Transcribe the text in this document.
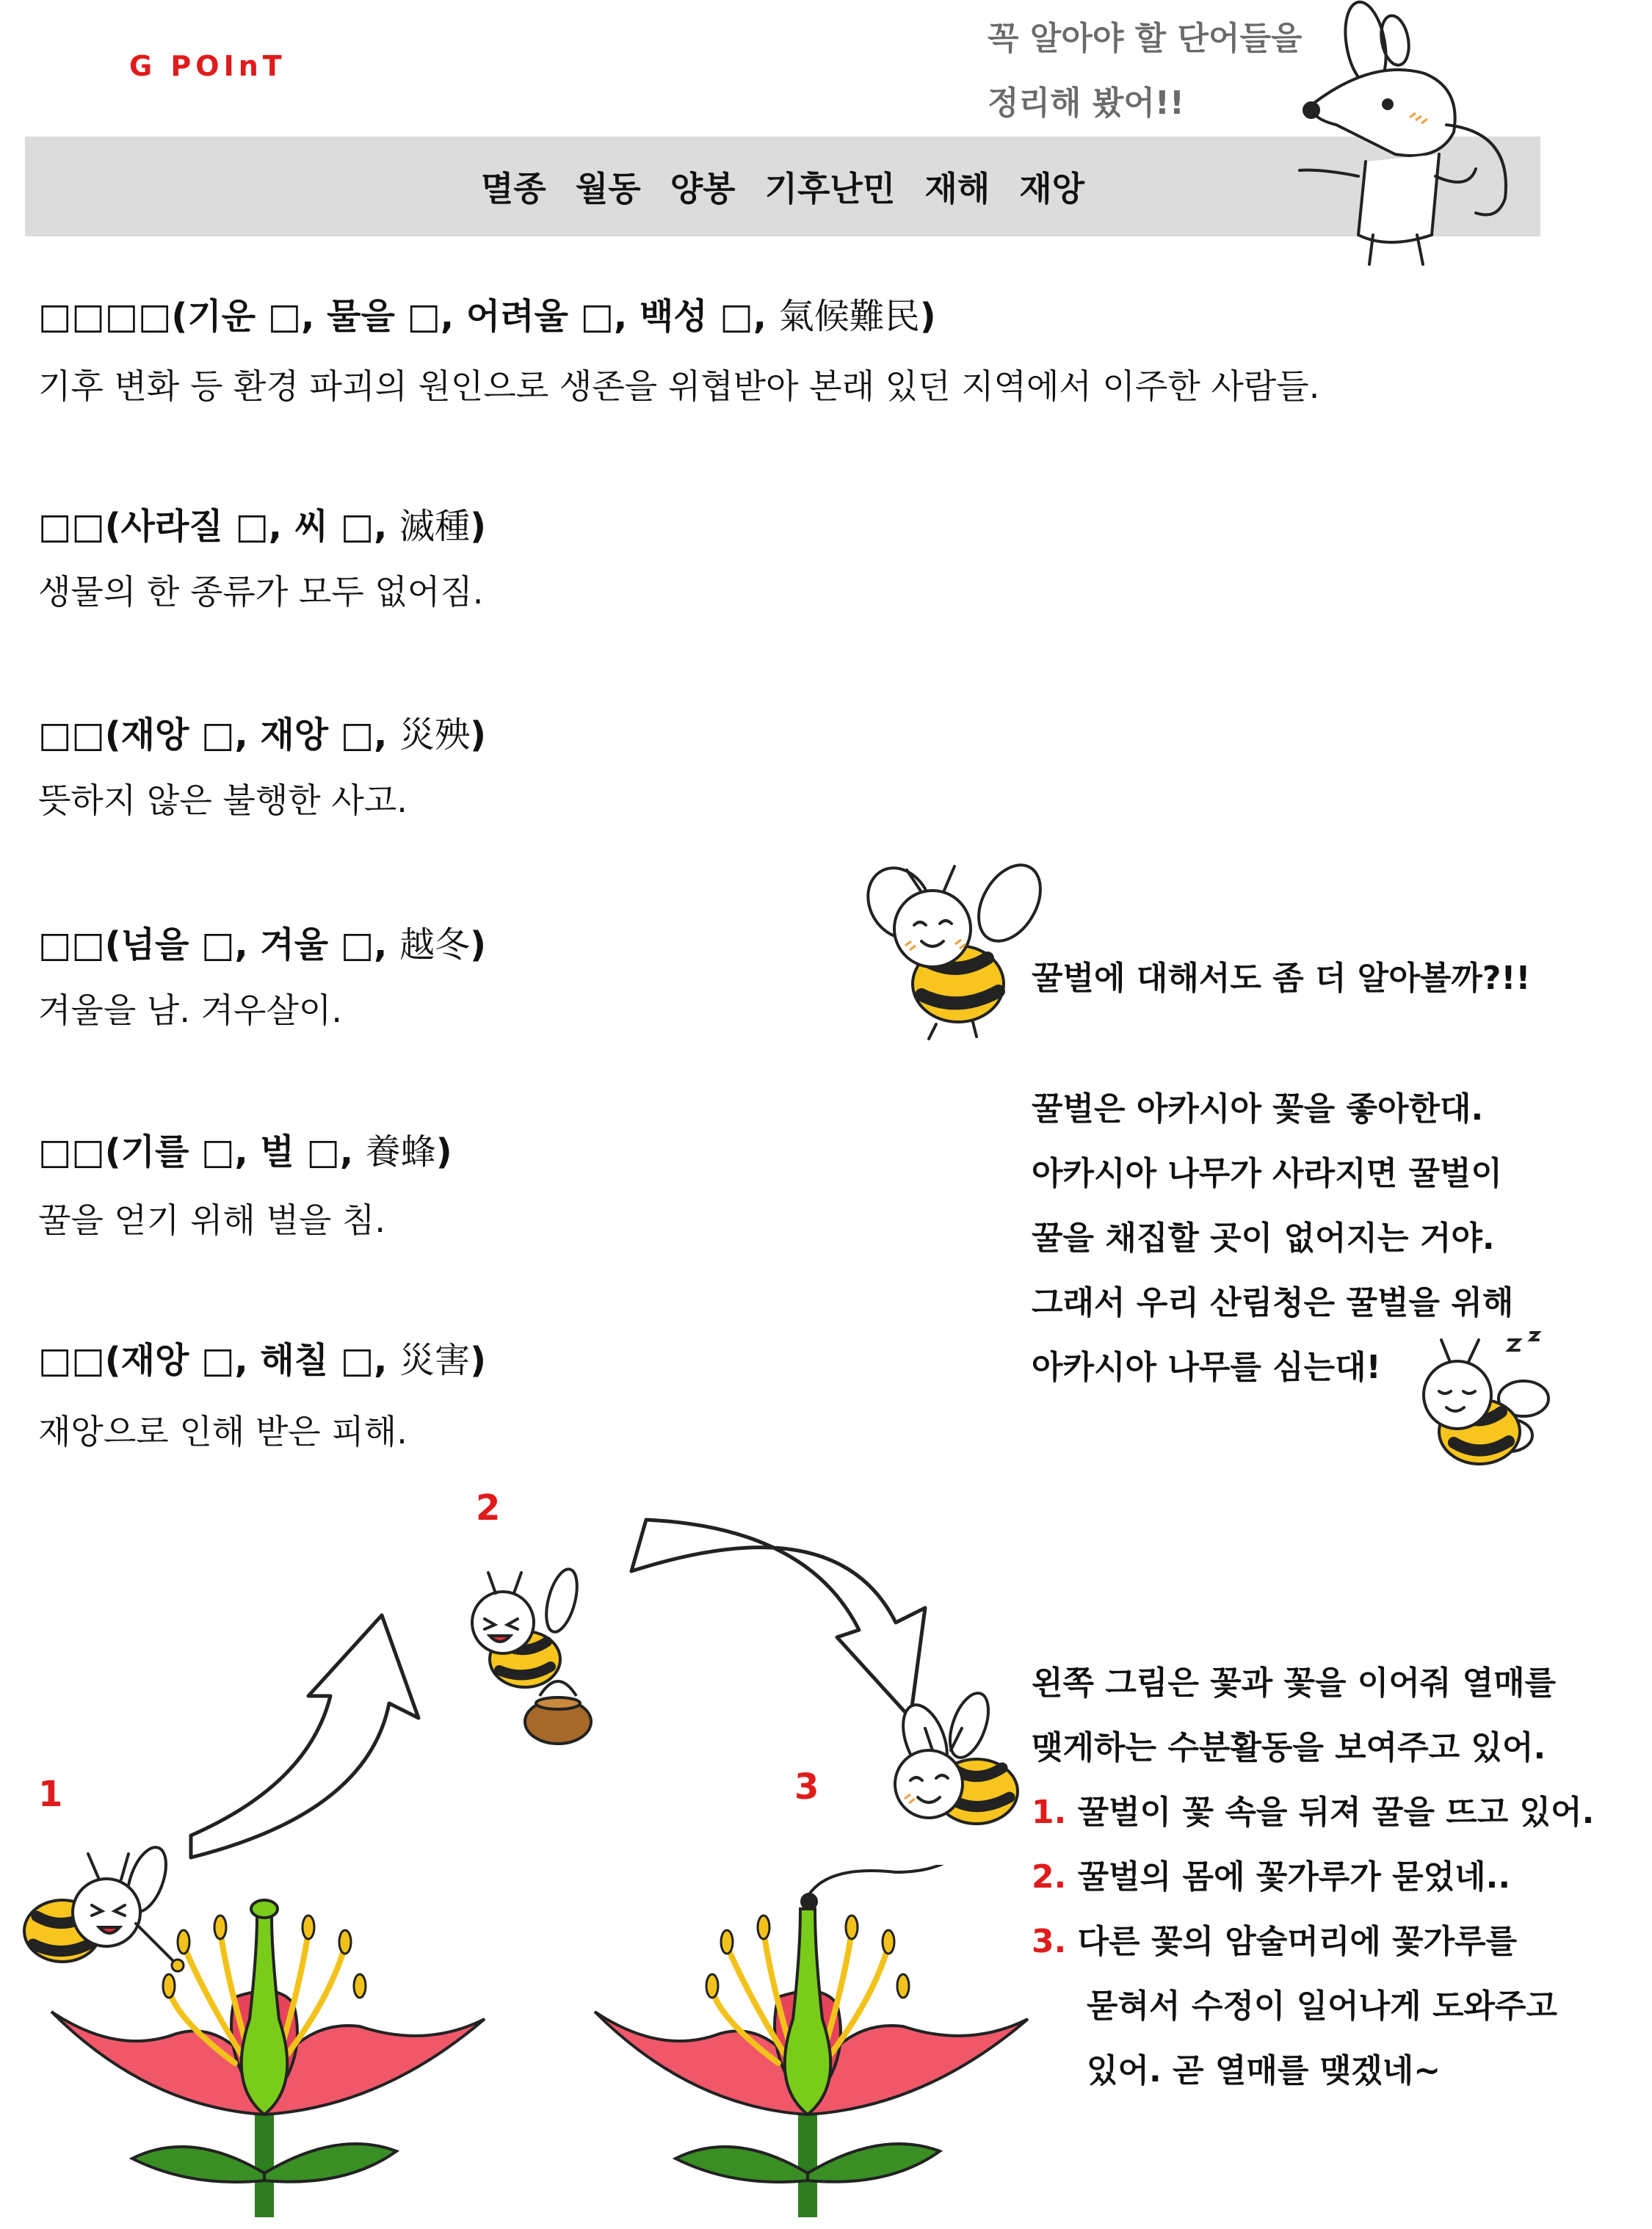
G POInT
꼭 알아야 할 단어들을
정리해 봤어!!
멸종 월동 양봉 기후난민 재해 재앙
□□□□(기운 □, 물을 □, 어려울 □, 백성 □, 氣候難民)
기후 변화 등 환경 파괴의 원인으로 생존을 위협받아 본래 있던 지역에서 이주한 사람들.
□□(사라질 □, 씨 □, 滅種)
생물의 한 종류가 모두 없어짐.
□□(재앙 □, 재앙 □, 災殃)
뜻하지 않은 불행한 사고.
□□(넘을 □, 겨울 □, 越冬)
겨울을 남. 겨우살이.
□□(기를 □, 벌 □, 養蜂)
꿀을 얻기 위해 벌을 침.
□□(재앙 □, 해칠 □, 災害)
재앙으로 인해 받은 피해.
꿀벌에 대해서도 좀 더 알아볼까?!!
꿀벌은 아카시아 꽃을 좋아한대.
아카시아 나무가 사라지면 꿀벌이
꿀을 채집할 곳이 없어지는 거야.
그래서 우리 산림청은 꿀벌을 위해
아카시아 나무를 심는대!
1
2
3
왼쪽 그림은 꽃과 꽃을 이어줘 열매를
맺게하는 수분활동을 보여주고 있어.
1. 꿀벌이 꽃 속을 뒤져 꿀을 뜨고 있어.
2. 꿀벌의 몸에 꽃가루가 묻었네..
3. 다른 꽃의 암술머리에 꽃가루를
묻혀서 수정이 일어나게 도와주고
있어. 곧 열매를 맺겠네~
